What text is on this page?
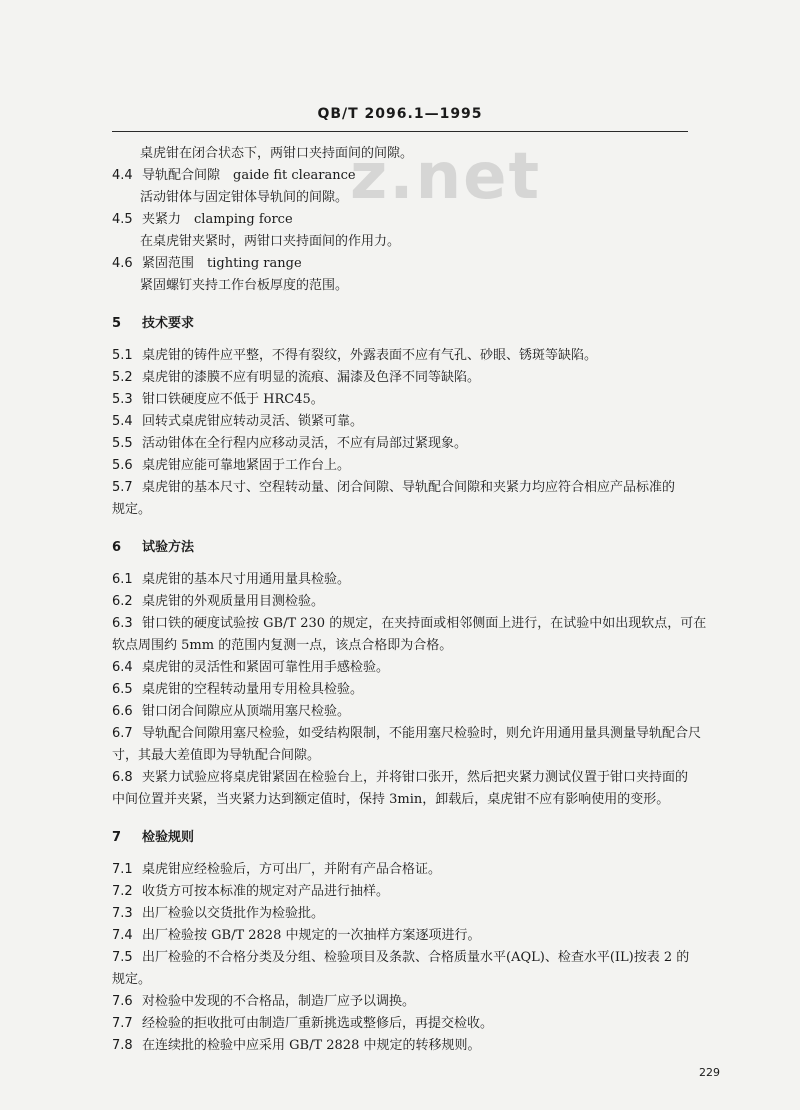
QB/T 2096.1—1995
z.net
桌虎钳在闭合状态下，两钳口夹持面间的间隙。
4.4 导轨配合间隙　gaide fit clearance
活动钳体与固定钳体导轨间的间隙。
4.5 夹紧力　clamping force
在桌虎钳夹紧时，两钳口夹持面间的作用力。
4.6 紧固范围　tighting range
紧固螺钉夹持工作台板厚度的范围。
5 技术要求
5.1 桌虎钳的铸件应平整，不得有裂纹，外露表面不应有气孔、砂眼、锈斑等缺陷。
5.2 桌虎钳的漆膜不应有明显的流痕、漏漆及色泽不同等缺陷。
5.3 钳口铁硬度应不低于 HRC45。
5.4 回转式桌虎钳应转动灵活、锁紧可靠。
5.5 活动钳体在全行程内应移动灵活，不应有局部过紧现象。
5.6 桌虎钳应能可靠地紧固于工作台上。
5.7 桌虎钳的基本尺寸、空程转动量、闭合间隙、导轨配合间隙和夹紧力均应符合相应产品标准的
规定。
6 试验方法
6.1 桌虎钳的基本尺寸用通用量具检验。
6.2 桌虎钳的外观质量用目测检验。
6.3 钳口铁的硬度试验按 GB/T 230 的规定，在夹持面或相邻侧面上进行，在试验中如出现软点，可在
软点周围约 5mm 的范围内复测一点，该点合格即为合格。
6.4 桌虎钳的灵活性和紧固可靠性用手感检验。
6.5 桌虎钳的空程转动量用专用检具检验。
6.6 钳口闭合间隙应从顶端用塞尺检验。
6.7 导轨配合间隙用塞尺检验，如受结构限制，不能用塞尺检验时，则允许用通用量具测量导轨配合尺
寸，其最大差值即为导轨配合间隙。
6.8 夹紧力试验应将桌虎钳紧固在检验台上，并将钳口张开，然后把夹紧力测试仪置于钳口夹持面的
中间位置并夹紧，当夹紧力达到额定值时，保持 3min，卸载后，桌虎钳不应有影响使用的变形。
7 检验规则
7.1 桌虎钳应经检验后，方可出厂，并附有产品合格证。
7.2 收货方可按本标准的规定对产品进行抽样。
7.3 出厂检验以交货批作为检验批。
7.4 出厂检验按 GB/T 2828 中规定的一次抽样方案逐项进行。
7.5 出厂检验的不合格分类及分组、检验项目及条款、合格质量水平(AQL)、检查水平(IL)按表 2 的
规定。
7.6 对检验中发现的不合格品，制造厂应予以调换。
7.7 经检验的拒收批可由制造厂重新挑选或整修后，再提交检收。
7.8 在连续批的检验中应采用 GB/T 2828 中规定的转移规则。
229
